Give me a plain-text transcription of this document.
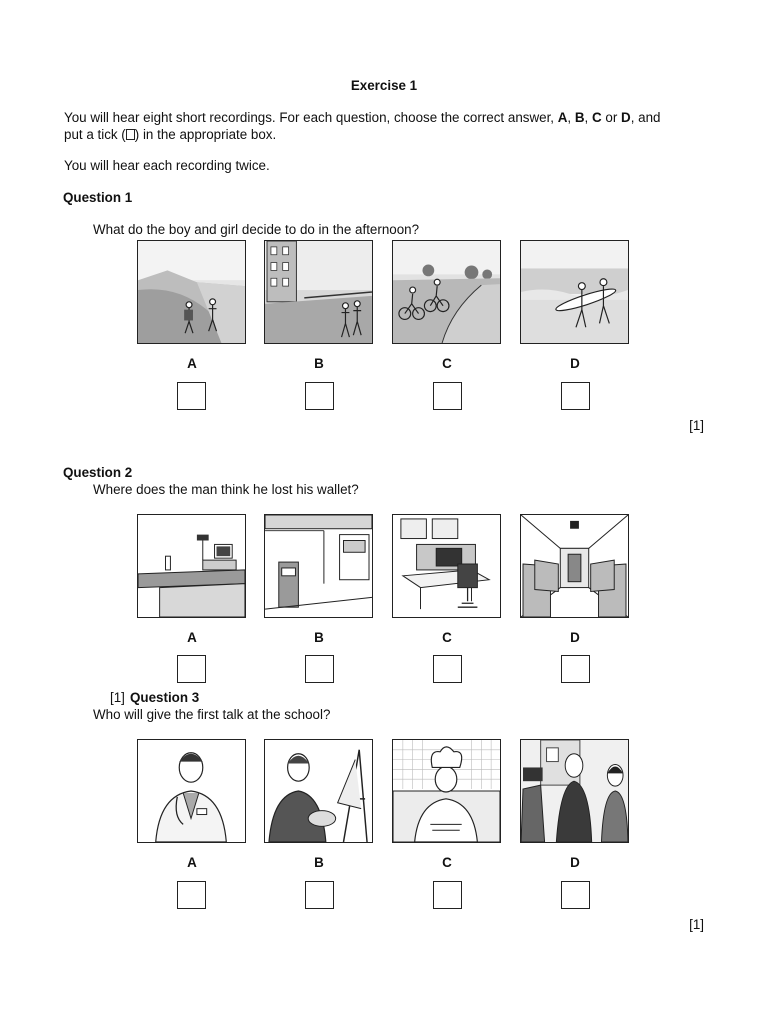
Exercise 1
You will hear eight short recordings. For each question, choose the correct answer, A, B, C or D, and
put a tick ( ) in the appropriate box.
You will hear each recording twice.
Question 1
What do the boy and girl decide to do in the afternoon?
A	B	C	D
[1]
Question 2
Where does the man think he lost his wallet?
A	B	C	D
[1] Question 3
Who will give the first talk at the school?
A	B	C	D
[1]
